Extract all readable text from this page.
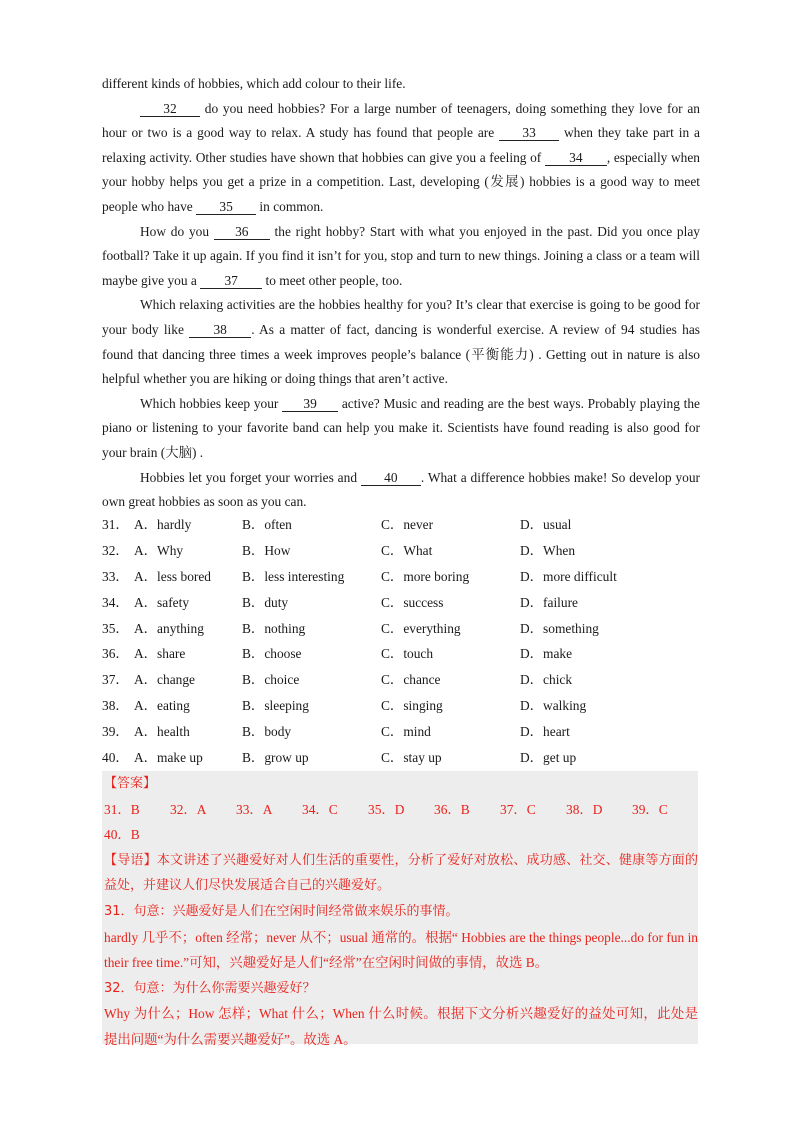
different kinds of hobbies, which add colour to their life.

32 do you need hobbies? For a large number of teenagers, doing something they love for an hour or two is a good way to relax. A study has found that people are 33 when they take part in a relaxing activity. Other studies have shown that hobbies can give you a feeling of 34 , especially when your hobby helps you get a prize in a competition. Last, developing (发展) hobbies is a good way to meet people who have 35 in common.

How do you 36 the right hobby? Start with what you enjoyed in the past. Did you once play football? Take it up again. If you find it isn’t for you, stop and turn to new things. Joining a class or a team will maybe give you a 37 to meet other people, too.

Which relaxing activities are the hobbies healthy for you? It’s clear that exercise is going to be good for your body like 38 . As a matter of fact, dancing is wonderful exercise. A review of 94 studies has found that dancing three times a week improves people’s balance (平衡能力) . Getting out in nature is also helpful whether you are hiking or doing things that aren’t active.

Which hobbies keep your 39 active? Music and reading are the best ways. Probably playing the piano or listening to your favorite band can help you make it. Scientists have found reading is also good for your brain (大脑) .

Hobbies let you forget your worries and 40 . What a difference hobbies make! So develop your own great hobbies as soon as you can.

31． A．hardly	B．often	C．never	D．usual
32． A．Why	B．How	C．What	D．When
33． A．less bored B．less interesting	C．more boring	D．more difficult
34． A．safety	B．duty	C．success	D．failure
35． A．anything	B．nothing	C．everything	D．something
36． A．share	B．choose	C．touch	D．make
37． A．change	B．choice	C．chance	D．chick
38． A．eating	B．sleeping	C．singing	D．walking
39． A．health	B．body	C．mind	D．heart
40． A．make up	B．grow up	C．stay up	D．get up
【答案】
31．B 32．A 33．A 34．C 35．D 36．B 37．C 38．D 39．C
40．B
【导语】本文讲述了兴趣爱好对人们生活的重要性，分析了爱好对放松、成功感、社交、健康等方面的益处，并建议人们尽快发展适合自己的兴趣爱好。
31．句意：兴趣爱好是人们在空闲时间经常做来娱乐的事情。
hardly 几乎不；often 经常；never 从不；usual 通常的。根据“ Hobbies are the things people...do for fun in their free time.”可知，兴趣爱好是人们“经常”在空闲时间做的事情，故选 B。
32．句意：为什么你需要兴趣爱好？
Why 为什么；How 怎样；What 什么；When 什么时候。根据下文分析兴趣爱好的益处可知，此处是提出问题“为什么需要兴趣爱好”。故选 A。
